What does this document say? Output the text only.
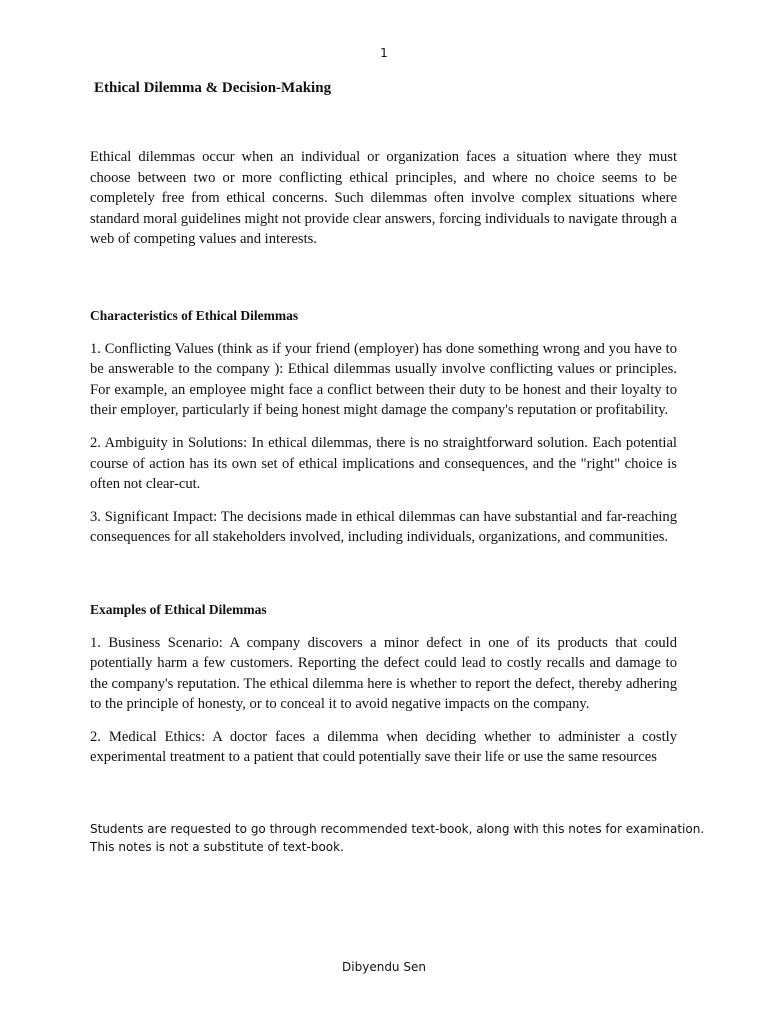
1
Ethical Dilemma & Decision-Making

Ethical dilemmas occur when an individual or organization faces a situation where they must choose between two or more conflicting ethical principles, and where no choice seems to be completely free from ethical concerns. Such dilemmas often involve complex situations where standard moral guidelines might not provide clear answers, forcing individuals to navigate through a web of competing values and interests.

Characteristics of Ethical Dilemmas

1. Conflicting Values (think as if your friend (employer) has done something wrong and you have to be answerable to the company ): Ethical dilemmas usually involve conflicting values or principles. For example, an employee might face a conflict between their duty to be honest and their loyalty to their employer, particularly if being honest might damage the company's reputation or profitability.

2. Ambiguity in Solutions: In ethical dilemmas, there is no straightforward solution. Each potential course of action has its own set of ethical implications and consequences, and the "right" choice is often not clear-cut.

3. Significant Impact: The decisions made in ethical dilemmas can have substantial and far-reaching consequences for all stakeholders involved, including individuals, organizations, and communities.

Examples of Ethical Dilemmas

1. Business Scenario: A company discovers a minor defect in one of its products that could potentially harm a few customers. Reporting the defect could lead to costly recalls and damage to the company's reputation. The ethical dilemma here is whether to report the defect, thereby adhering to the principle of honesty, or to conceal it to avoid negative impacts on the company.

2. Medical Ethics: A doctor faces a dilemma when deciding whether to administer a costly experimental treatment to a patient that could potentially save their life or use the same resources

Students are requested to go through recommended text-book, along with this notes for examination.
This notes is not a substitute of text-book.
Dibyendu Sen
